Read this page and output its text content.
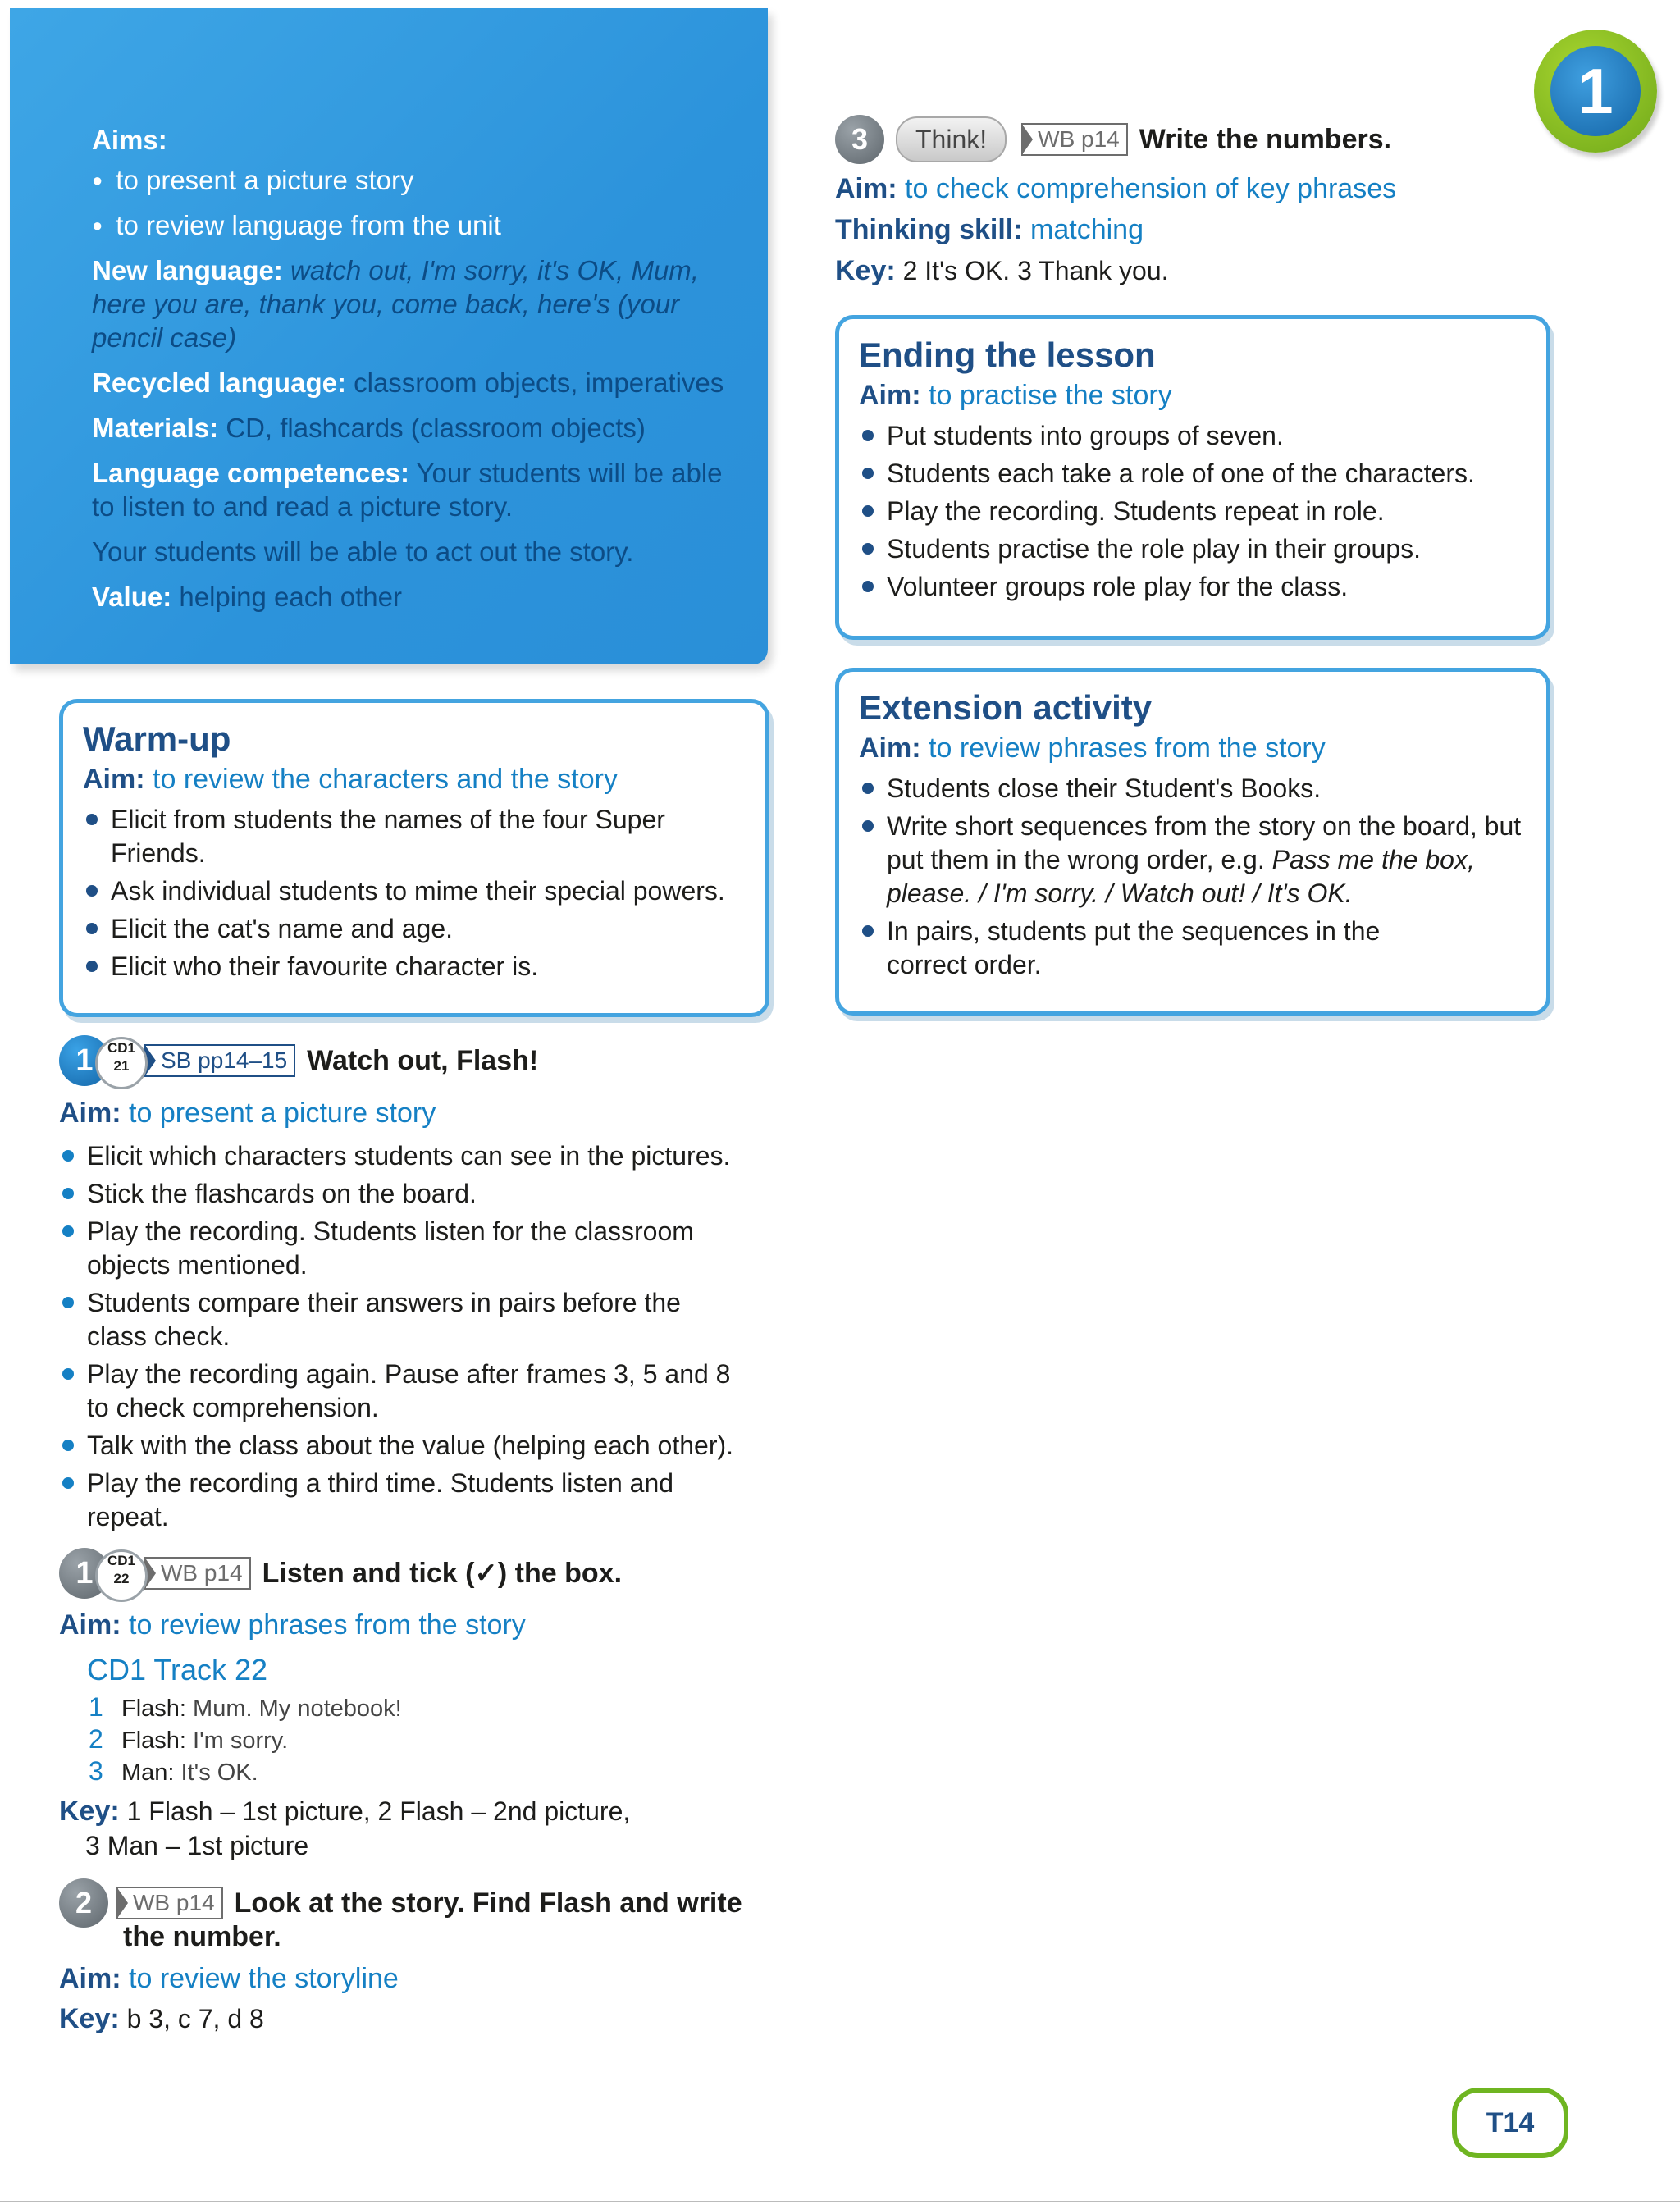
Aims:

● to present a picture story
● to review language from the unit

New language: watch out, I'm sorry, it's OK, Mum, here you are, thank you, come back, here's (your pencil case)

Recycled language: classroom objects, imperatives

Materials: CD, flashcards (classroom objects)

Language competences: Your students will be able to listen to and read a picture story.

Your students will be able to act out the story.

Value: helping each other

Warm-up
Aim: to review the characters and the story
Elicit from students the names of the four Super Friends.
Ask individual students to mime their special powers.
Elicit the cat's name and age.
Elicit who their favourite character is.
1	CD1
21	SB pp14–15 Watch out, Flash!
Aim: to present a picture story
Elicit which characters students can see in the pictures.
Stick the flashcards on the board.
Play the recording. Students listen for the classroom objects mentioned.
Students compare their answers in pairs before the class check.
Play the recording again. Pause after frames 3, 5 and 8 to check comprehension.
Talk with the class about the value (helping each other).
Play the recording a third time. Students listen and repeat.
1	CD1
22	WB p14 Listen and tick (✓) the box.
Aim: to review phrases from the story
CD1 Track 22
1 Flash: Mum. My notebook!
2 Flash: I'm sorry.
3 Man: It's OK.
Key: 1 Flash – 1st picture, 2 Flash – 2nd picture,
3 Man – 1st picture
2	WB p14 Look at the story. Find Flash and write
the number.
Aim: to review the storyline
Key: b 3, c 7, d 8
3	Think!	WB p14 Write the numbers.
Aim: to check comprehension of key phrases
Thinking skill: matching
Key: 2 It's OK. 3 Thank you.
Ending the lesson
Aim: to practise the story
Put students into groups of seven.
Students each take a role of one of the characters.
Play the recording. Students repeat in role.
Students practise the role play in their groups.
Volunteer groups role play for the class.
Extension activity
Aim: to review phrases from the story
Students close their Student's Books.
Write short sequences from the story on the board, but put them in the wrong order, e.g. Pass me the box, please. / I'm sorry. / Watch out! / It's OK.
In pairs, students put the sequences in the correct order.
1
T14
